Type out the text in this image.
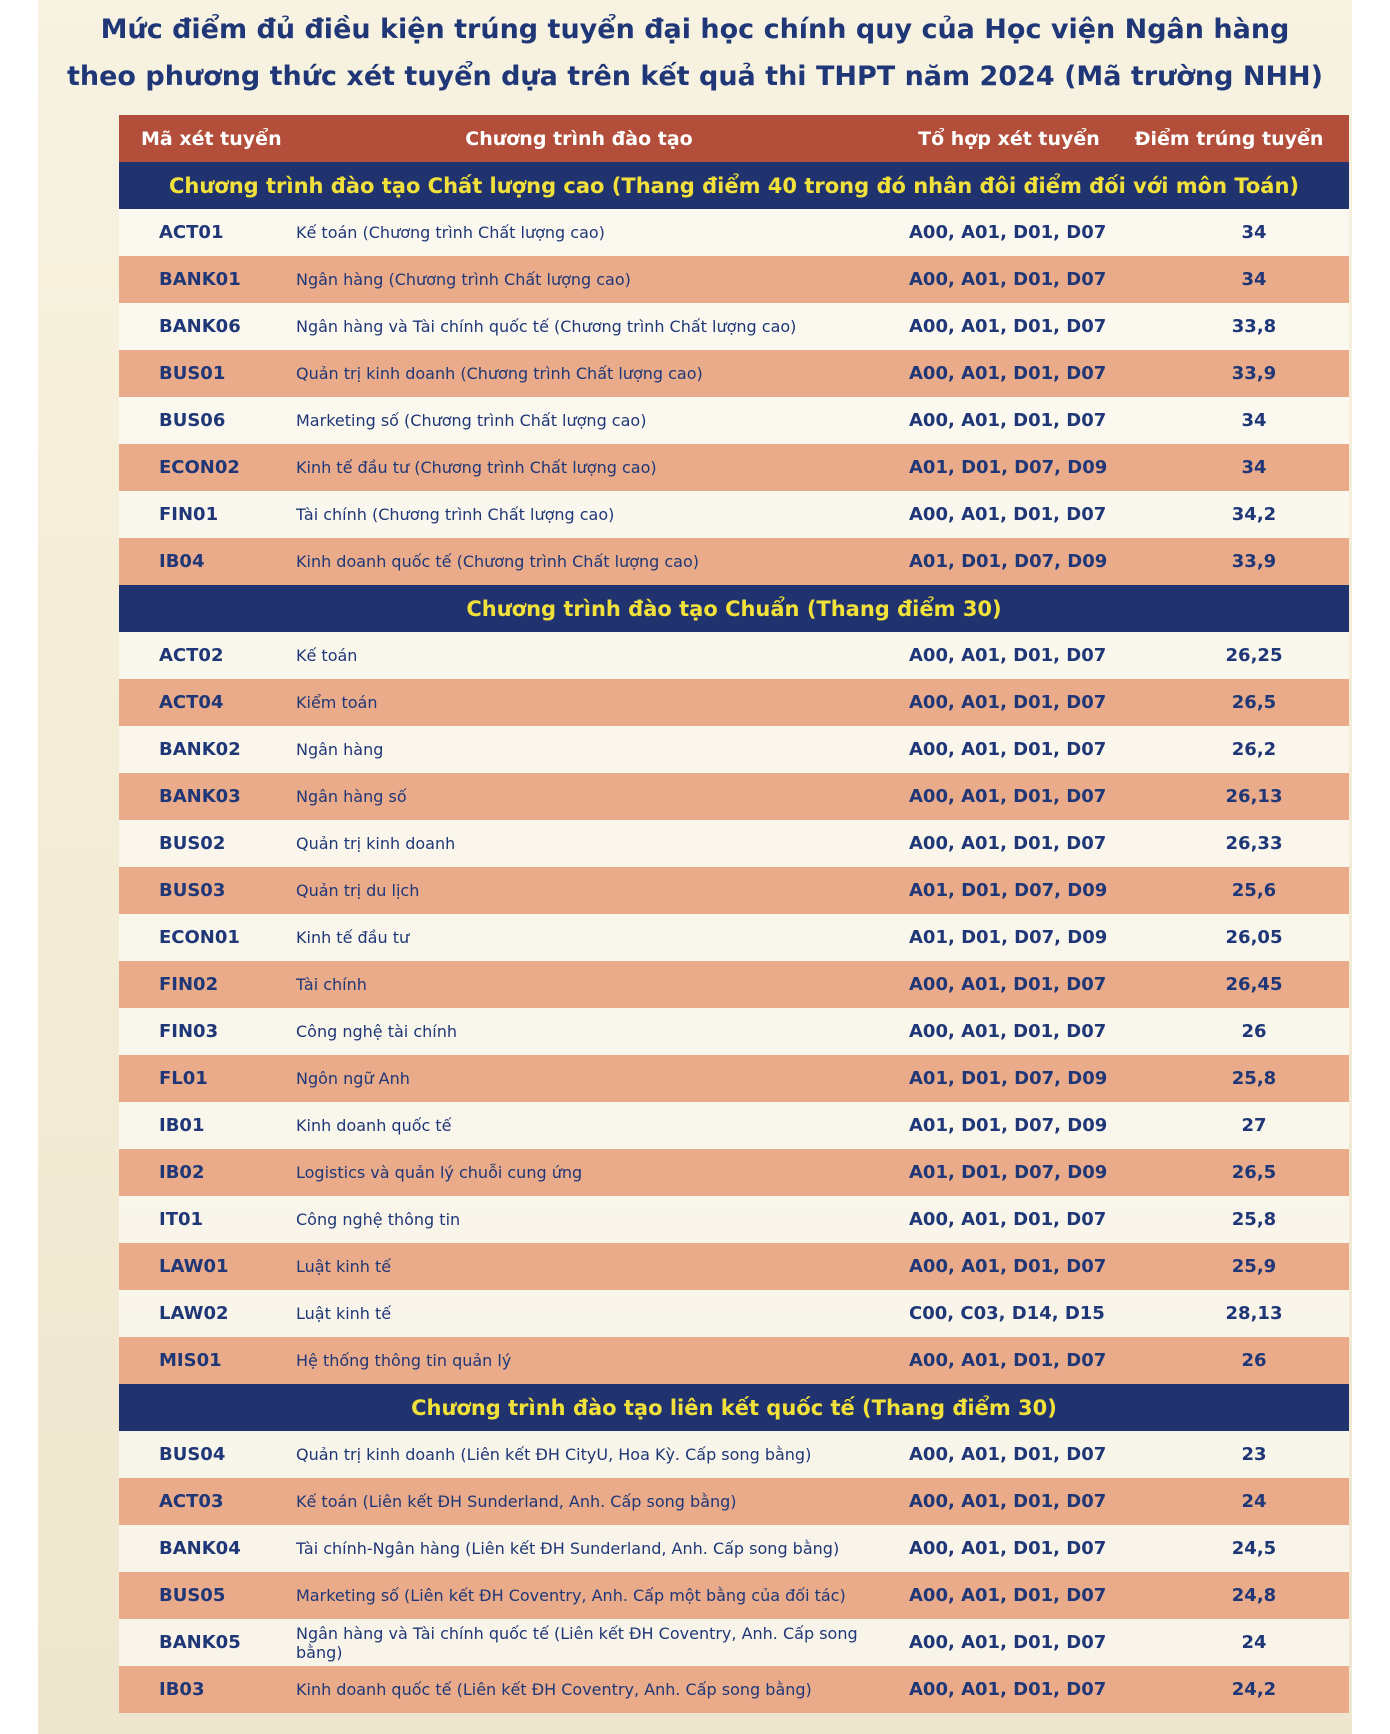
Mức điểm đủ điều kiện trúng tuyển đại học chính quy của Học viện Ngân hàng
theo phương thức xét tuyển dựa trên kết quả thi THPT năm 2024 (Mã trường NHH)
Mã xét tuyển	Chương trình đào tạo	Tổ hợp xét tuyển	Điểm trúng tuyển
Chương trình đào tạo Chất lượng cao (Thang điểm 40 trong đó nhân đôi điểm đối với môn Toán)
ACT01	Kế toán (Chương trình Chất lượng cao)	A00, A01, D01, D07	34
BANK01	Ngân hàng (Chương trình Chất lượng cao)	A00, A01, D01, D07	34
BANK06	Ngân hàng và Tài chính quốc tế (Chương trình Chất lượng cao)	A00, A01, D01, D07	33,8
BUS01	Quản trị kinh doanh (Chương trình Chất lượng cao)	A00, A01, D01, D07	33,9
BUS06	Marketing số (Chương trình Chất lượng cao)	A00, A01, D01, D07	34
ECON02	Kinh tế đầu tư (Chương trình Chất lượng cao)	A01, D01, D07, D09	34
FIN01	Tài chính (Chương trình Chất lượng cao)	A00, A01, D01, D07	34,2
IB04	Kinh doanh quốc tế (Chương trình Chất lượng cao)	A01, D01, D07, D09	33,9
Chương trình đào tạo Chuẩn (Thang điểm 30)
ACT02	Kế toán	A00, A01, D01, D07	26,25
ACT04	Kiểm toán	A00, A01, D01, D07	26,5
BANK02	Ngân hàng	A00, A01, D01, D07	26,2
BANK03	Ngân hàng số	A00, A01, D01, D07	26,13
BUS02	Quản trị kinh doanh	A00, A01, D01, D07	26,33
BUS03	Quản trị du lịch	A01, D01, D07, D09	25,6
ECON01	Kinh tế đầu tư	A01, D01, D07, D09	26,05
FIN02	Tài chính	A00, A01, D01, D07	26,45
FIN03	Công nghệ tài chính	A00, A01, D01, D07	26
FL01	Ngôn ngữ Anh	A01, D01, D07, D09	25,8
IB01	Kinh doanh quốc tế	A01, D01, D07, D09	27
IB02	Logistics và quản lý chuỗi cung ứng	A01, D01, D07, D09	26,5
IT01	Công nghệ thông tin	A00, A01, D01, D07	25,8
LAW01	Luật kinh tế	A00, A01, D01, D07	25,9
LAW02	Luật kinh tế	C00, C03, D14, D15	28,13
MIS01	Hệ thống thông tin quản lý	A00, A01, D01, D07	26
Chương trình đào tạo liên kết quốc tế (Thang điểm 30)
BUS04	Quản trị kinh doanh (Liên kết ĐH CityU, Hoa Kỳ. Cấp song bằng)	A00, A01, D01, D07	23
ACT03	Kế toán (Liên kết ĐH Sunderland, Anh. Cấp song bằng)	A00, A01, D01, D07	24
BANK04	Tài chính-Ngân hàng (Liên kết ĐH Sunderland, Anh. Cấp song bằng)	A00, A01, D01, D07	24,5
BUS05	Marketing số (Liên kết ĐH Coventry, Anh. Cấp một bằng của đối tác)	A00, A01, D01, D07	24,8
BANK05	Ngân hàng và Tài chính quốc tế (Liên kết ĐH Coventry, Anh. Cấp song bằng)	A00, A01, D01, D07	24
IB03	Kinh doanh quốc tế (Liên kết ĐH Coventry, Anh. Cấp song bằng)	A00, A01, D01, D07	24,2
